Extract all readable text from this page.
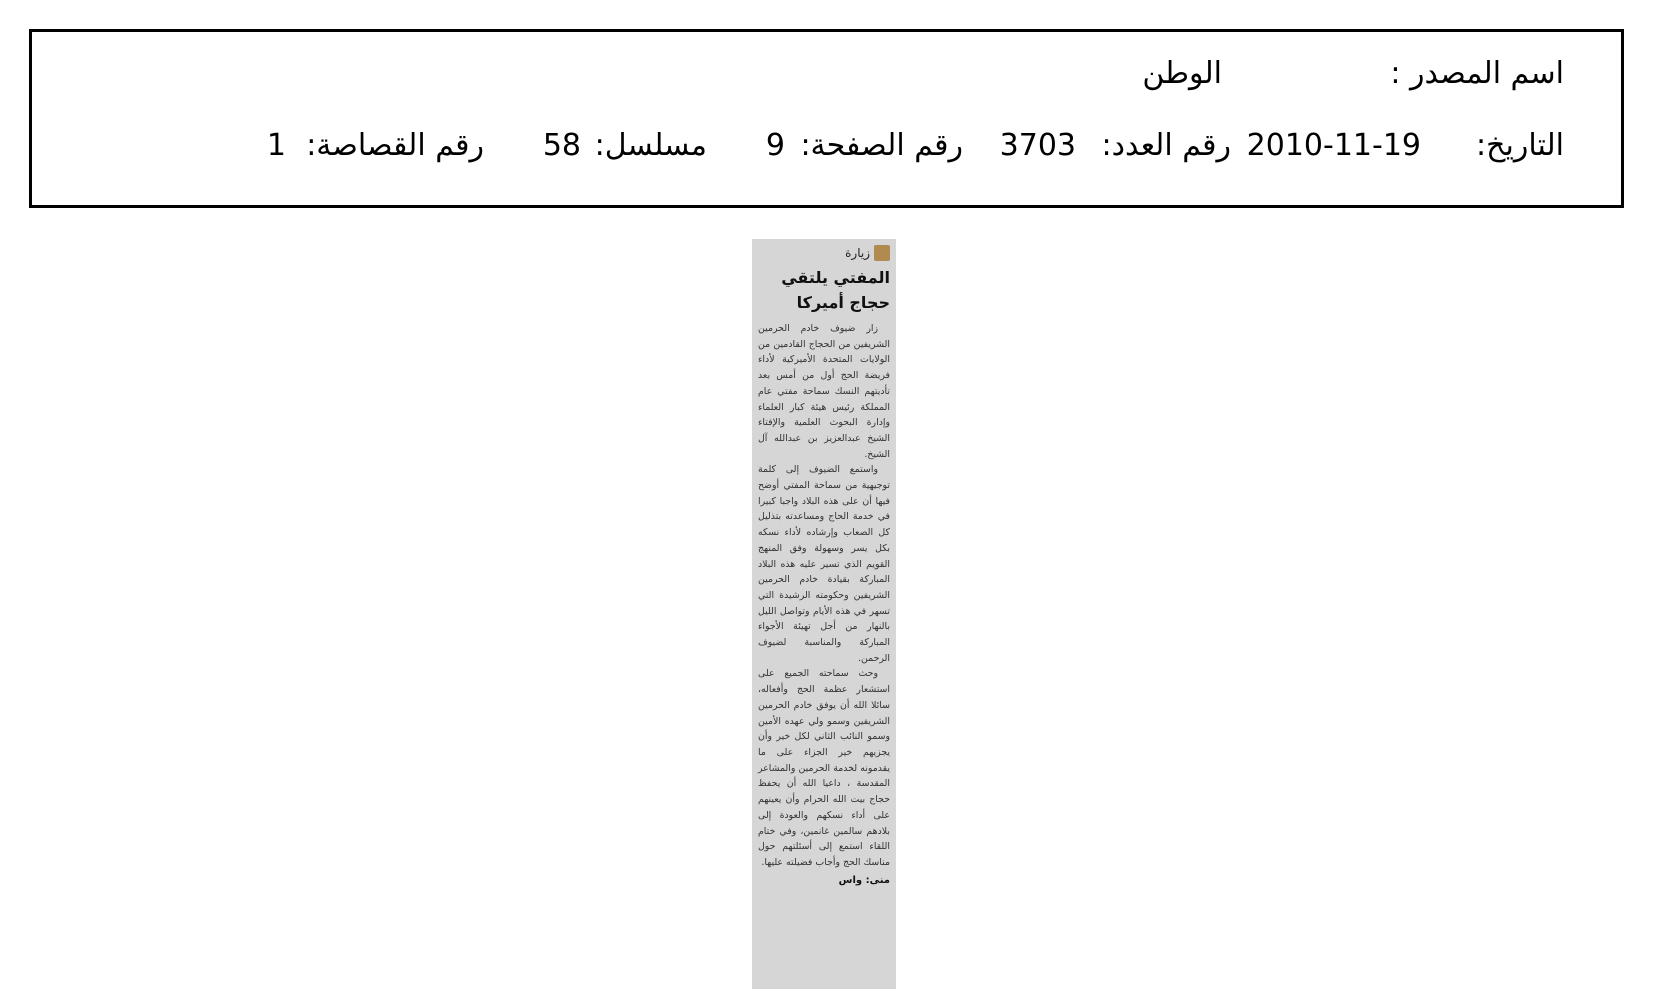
اسم المصدر :
الوطن
التاريخ:
2010-11-19
رقم العدد:
3703
رقم الصفحة:
9
مسلسل:
58
رقم القصاصة:
1
زيارة
المفتي يلتقي
حجاج أميركا

زار ضيوف خادم الحرمين الشريفين من الحجاج القادمين من الولايات المتحدة الأميركية لأداء فريضة الحج أول من أمس بعد تأديتهم النسك سماحة مفتي عام المملكة رئيس هيئة كبار العلماء وإدارة البحوث العلمية والإفتاء الشيخ عبدالعزيز بن عبدالله آل الشيخ.

واستمع الضيوف إلى كلمة توجيهية من سماحة المفتي أوضح فيها أن على هذه البلاد واجبا كبيرا في خدمة الحاج ومساعدته بتذليل كل الصعاب وإرشاده لأداء نسكه بكل يسر وسهولة وفق المنهج القويم الذي تسير عليه هذه البلاد المباركة بقيادة خادم الحرمين الشريفين وحكومته الرشيدة التي تسهر في هذه الأيام وتواصل الليل بالنهار من أجل تهيئة الأجواء المباركة والمناسبة لضيوف الرحمن.

وحث سماحته الجميع على استشعار عظمة الحج وأفعاله، سائلا الله أن يوفق خادم الحرمين الشريفين وسمو ولي عهده الأمين وسمو النائب الثاني لكل خير وأن يجزيهم خير الجزاء على ما يقدمونه لخدمة الحرمين والمشاعر المقدسة ، داعيا الله أن يحفظ حجاج بيت الله الحرام وأن يعينهم على أداء نسكهم والعودة إلى بلادهم سالمين غانمين، وفي ختام اللقاء استمع إلى أسئلتهم حول مناسك الحج وأجاب فضيلته عليها.

منى: واس
